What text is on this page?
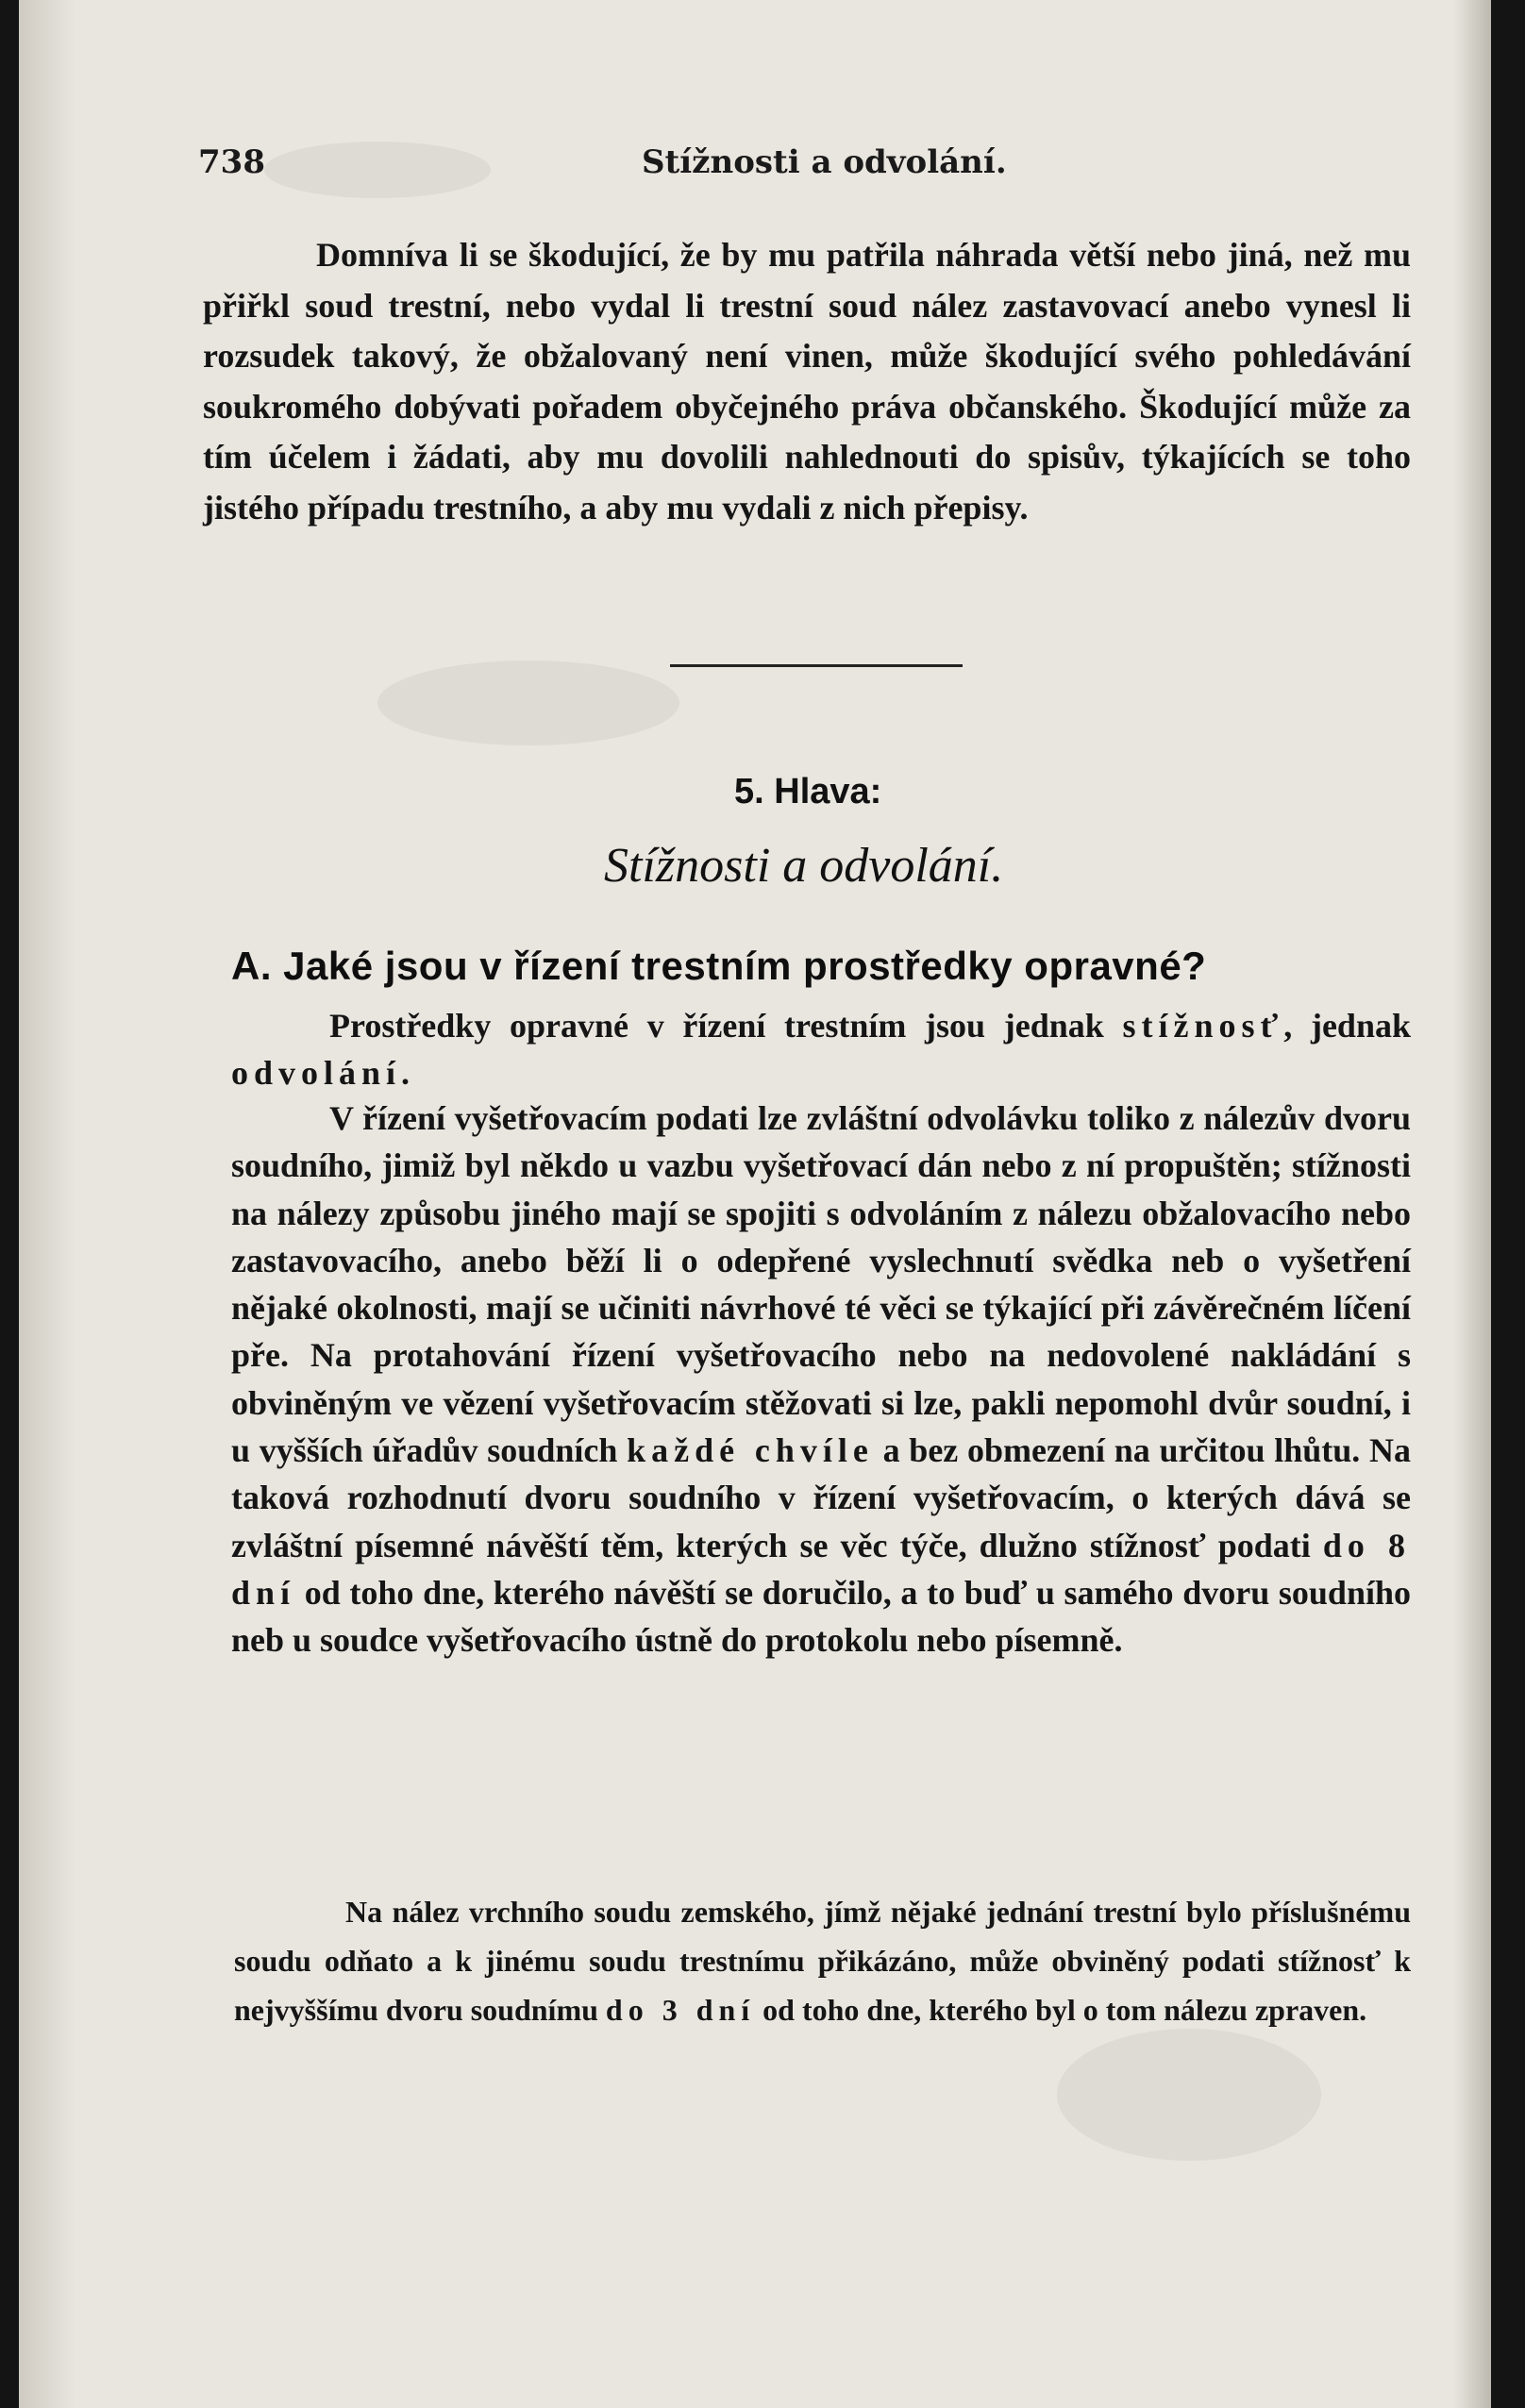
738	Stížnosti a odvolání.

Domníva li se škodující, že by mu patřila náhrada větší nebo jiná, než mu přiřkl soud trestní, nebo vydal li trestní soud nález zastavovací anebo vynesl li rozsudek takový, že obžalovaný není vinen, může škodující svého pohledávání soukromého dobývati pořadem obyčejného práva občanského. Škodující může za tím účelem i žádati, aby mu dovolili nahlednouti do spisův, týkajících se toho jistého případu trestního, a aby mu vydali z nich přepisy.

5. Hlava:
Stížnosti a odvolání.
A. Jaké jsou v řízení trestním prostředky opravné?

Prostředky opravné v řízení trestním jsou jednak stížnosť, jednak odvolání.

V řízení vyšetřovacím podati lze zvláštní odvolávku toliko z nálezův dvoru soudního, jimiž byl někdo u vazbu vyšetřovací dán nebo z ní propuštěn; stížnosti na nálezy způsobu jiného mají se spojiti s odvoláním z nálezu obžalovacího nebo zastavovacího, anebo běží li o odepřené vyslechnutí svědka neb o vyšetření nějaké okolnosti, mají se učiniti návrhové té věci se týkající při závěrečném líčení pře. Na protahování řízení vyšetřovacího nebo na nedovolené nakládání s obviněným ve vězení vyšetřovacím stěžovati si lze, pakli nepomohl dvůr soudní, i u vyšších úřadův soudních každé chvíle a bez obmezení na určitou lhůtu. Na taková rozhodnutí dvoru soudního v řízení vyšetřovacím, o kterých dává se zvláštní písemné návěští těm, kterých se věc týče, dlužno stížnosť podati do 8 dní od toho dne, kterého návěští se doručilo, a to buď u samého dvoru soudního neb u soudce vyšetřovacího ústně do protokolu nebo písemně.

Na nález vrchního soudu zemského, jímž nějaké jednání trestní bylo příslušnému soudu odňato a k jinému soudu trestnímu přikázáno, může obviněný podati stížnosť k nejvyššímu dvoru soudnímu do 3 dní od toho dne, kterého byl o tom nálezu zpraven.
